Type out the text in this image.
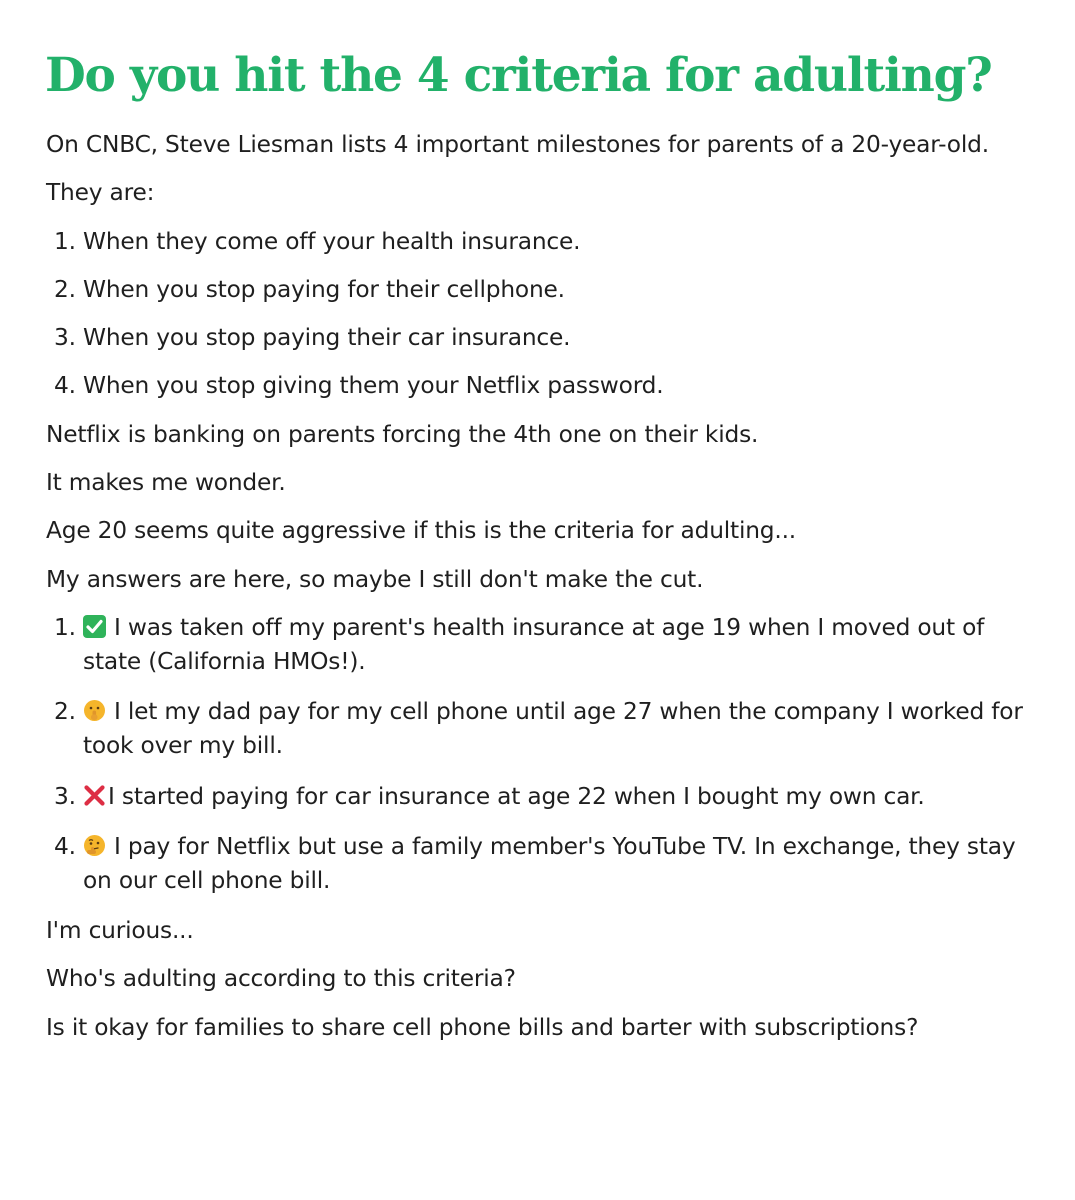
Do you hit the 4 criteria for adulting?

On CNBC, Steve Liesman lists 4 important milestones for parents of a 20-year-old.

They are:

1. When they come off your health insurance.
2. When you stop paying for their cellphone.
3. When you stop paying their car insurance.
4. When you stop giving them your Netflix password.

Netflix is banking on parents forcing the 4th one on their kids.

It makes me wonder.

Age 20 seems quite aggressive if this is the criteria for adulting...

My answers are here, so maybe I still don't make the cut.

1. I was taken off my parent's health insurance at age 19 when I moved out of state (California HMOs!).
2. I let my dad pay for my cell phone until age 27 when the company I worked for took over my bill.
3. I started paying for car insurance at age 22 when I bought my own car.
4. I pay for Netflix but use a family member's YouTube TV. In exchange, they stay on our cell phone bill.

I'm curious...

Who's adulting according to this criteria?

Is it okay for families to share cell phone bills and barter with subscriptions?
